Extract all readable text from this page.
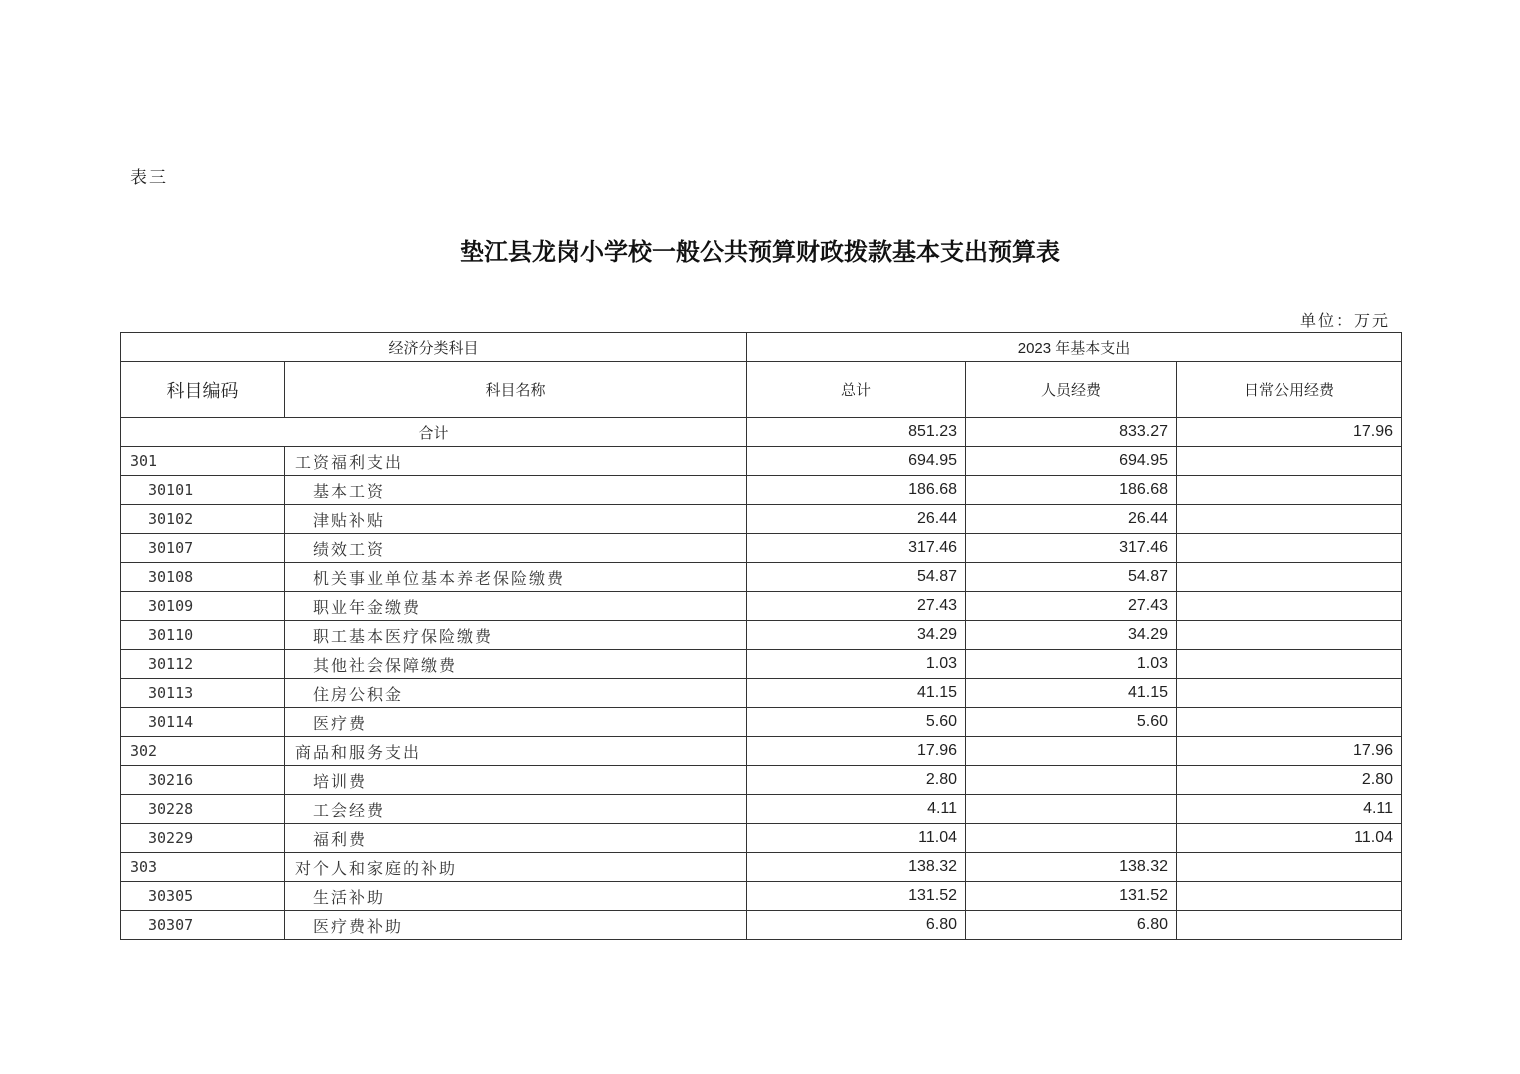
表三
垫江县龙岗小学校一般公共预算财政拨款基本支出预算表
单位：万元
经济分类科目		2023 年基本支出		
科目编码	科目名称	总计	人员经费	日常公用经费
合计		851.23	833.27	17.96
301	工资福利支出	694.95	694.95	
30101	基本工资	186.68	186.68	
30102	津贴补贴	26.44	26.44	
30107	绩效工资	317.46	317.46	
30108	机关事业单位基本养老保险缴费	54.87	54.87	
30109	职业年金缴费	27.43	27.43	
30110	职工基本医疗保险缴费	34.29	34.29	
30112	其他社会保障缴费	1.03	1.03	
30113	住房公积金	41.15	41.15	
30114	医疗费	5.60	5.60	
302	商品和服务支出	17.96		17.96
30216	培训费	2.80		2.80
30228	工会经费	4.11		4.11
30229	福利费	11.04		11.04
303	对个人和家庭的补助	138.32	138.32	
30305	生活补助	131.52	131.52	
30307	医疗费补助	6.80	6.80	
